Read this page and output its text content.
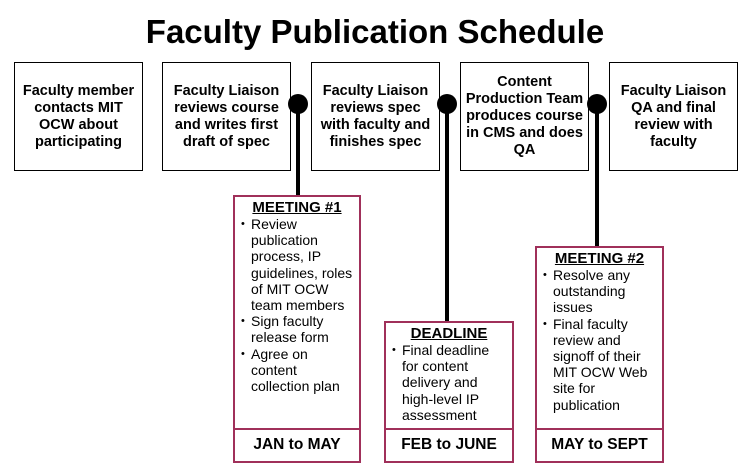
Faculty Publication Schedule
Faculty member contacts MIT OCW about participating
Faculty Liaison reviews course and writes first draft of spec
Faculty Liaison reviews spec with faculty and finishes spec
Content Production Team produces course in CMS and does QA
Faculty Liaison QA and final review with faculty
MEETING #1
• Review publication process, IP guidelines, roles of MIT OCW team members
• Sign faculty release form
• Agree on content collection plan
JAN to MAY
DEADLINE
• Final deadline for content delivery and high-level IP assessment
FEB to JUNE
MEETING #2
• Resolve any outstanding issues
• Final faculty review and signoff of their MIT OCW Web site for publication
MAY to SEPT
